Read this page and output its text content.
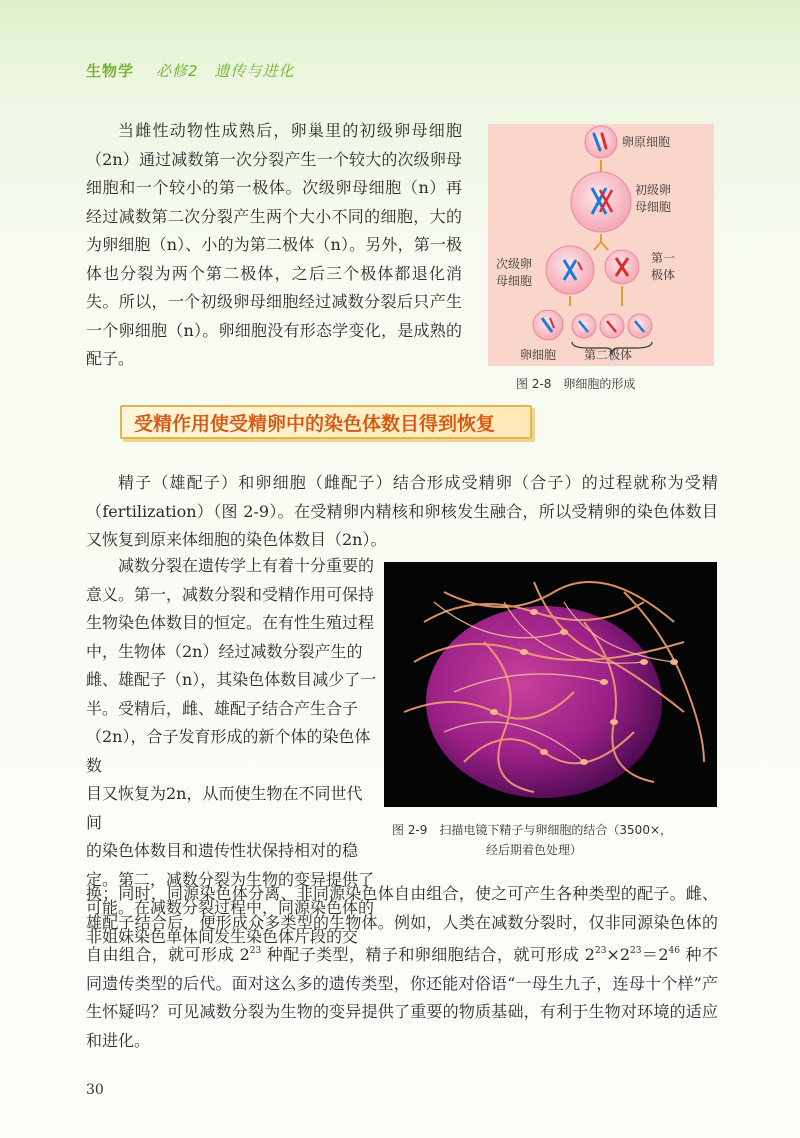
生物学 必修2　遗传与进化

当雌性动物性成熟后，卵巢里的初级卵母细胞（2n）通过减数第一次分裂产生一个较大的次级卵母细胞和一个较小的第一极体。次级卵母细胞（n）再经过减数第二次分裂产生两个大小不同的细胞，大的为卵细胞（n）、小的为第二极体（n）。另外，第一极体也分裂为两个第二极体，之后三个极体都退化消失。所以，一个初级卵母细胞经过减数分裂后只产生一个卵细胞（n）。卵细胞没有形态学变化，是成熟的配子。

卵原细胞
初级卵
母细胞
次级卵
母细胞
第一
极体
卵细胞 第二极体
图 2-8　卵细胞的形成
受精作用使受精卵中的染色体数目得到恢复

精子（雄配子）和卵细胞（雌配子）结合形成受精卵（合子）的过程就称为受精（fertilization）（图 2-9）。在受精卵内精核和卵核发生融合，所以受精卵的染色体数目又恢复到原来体细胞的染色体数目（2n）。

减数分裂在遗传学上有着十分重要的
意义。第一，减数分裂和受精作用可保持
生物染色体数目的恒定。在有性生殖过程
中，生物体（2n）经过减数分裂产生的
雌、雄配子（n），其染色体数目减少了一
半。受精后，雌、雄配子结合产生合子
（2n），合子发育形成的新个体的染色体数
目又恢复为2n，从而使生物在不同世代间
的染色体数目和遗传性状保持相对的稳
定。第二，减数分裂为生物的变异提供了
可能。在减数分裂过程中，同源染色体的
非姐妹染色单体间发生染色体片段的交
图 2-9　扫描电镜下精子与卵细胞的结合（3500×，
经后期着色处理）

换；同时，同源染色体分离、非同源染色体自由组合，使之可产生各种类型的配子。雌、雄配子结合后，便形成众多类型的生物体。例如，人类在减数分裂时，仅非同源染色体的自由组合，就可形成 $2^{23}$ 种配子类型，精子和卵细胞结合，就可形成 $2^{23}\times 2^{23}=2^{46}$ 种不同遗传类型的后代。面对这么多的遗传类型，你还能对俗语“一母生九子，连母十个样”产生怀疑吗？可见减数分裂为生物的变异提供了重要的物质基础，有利于生物对环境的适应和进化。

30
